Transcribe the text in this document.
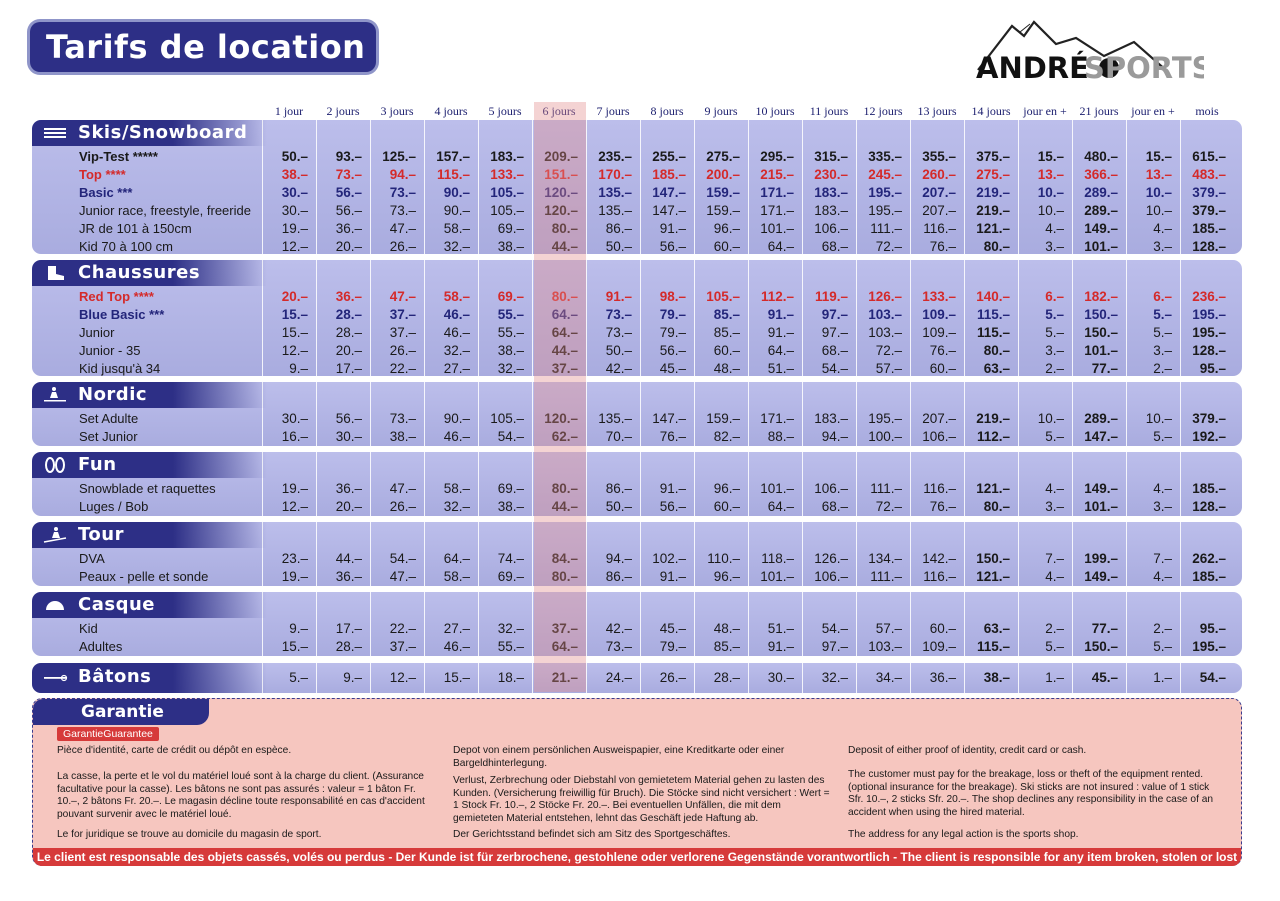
Tarifs de location
ANDRÉ
SPORTS
1 jour	2 jours	3 jours	4 jours	5 jours	6 jours	7 jours	8 jours	9 jours	10 jours	11 jours	12 jours	13 jours	14 jours	jour en +	21 jours	jour en +	mois
Skis/Snowboard
Vip-Test *****	50.–	93.–	125.–	157.–	183.–	209.–	235.–	255.–	275.–	295.–	315.–	335.–	355.–	375.–	15.–	480.–	15.–	615.–
Top ****	38.–	73.–	94.–	115.–	133.–	151.–	170.–	185.–	200.–	215.–	230.–	245.–	260.–	275.–	13.–	366.–	13.–	483.–
Basic ***	30.–	56.–	73.–	90.–	105.–	120.–	135.–	147.–	159.–	171.–	183.–	195.–	207.–	219.–	10.–	289.–	10.–	379.–
Junior race, freestyle, freeride	30.–	56.–	73.–	90.–	105.–	120.–	135.–	147.–	159.–	171.–	183.–	195.–	207.–	219.–	10.–	289.–	10.–	379.–
JR de 101 à 150cm	19.–	36.–	47.–	58.–	69.–	80.–	86.–	91.–	96.–	101.–	106.–	111.–	116.–	121.–	4.–	149.–	4.–	185.–
Kid 70 à 100 cm	12.–	20.–	26.–	32.–	38.–	44.–	50.–	56.–	60.–	64.–	68.–	72.–	76.–	80.–	3.–	101.–	3.–	128.–
Chaussures
Red Top ****	20.–	36.–	47.–	58.–	69.–	80.–	91.–	98.–	105.–	112.–	119.–	126.–	133.–	140.–	6.–	182.–	6.–	236.–
Blue Basic ***	15.–	28.–	37.–	46.–	55.–	64.–	73.–	79.–	85.–	91.–	97.–	103.–	109.–	115.–	5.–	150.–	5.–	195.–
Junior	15.–	28.–	37.–	46.–	55.–	64.–	73.–	79.–	85.–	91.–	97.–	103.–	109.–	115.–	5.–	150.–	5.–	195.–
Junior - 35	12.–	20.–	26.–	32.–	38.–	44.–	50.–	56.–	60.–	64.–	68.–	72.–	76.–	80.–	3.–	101.–	3.–	128.–
Kid jusqu'à 34	9.–	17.–	22.–	27.–	32.–	37.–	42.–	45.–	48.–	51.–	54.–	57.–	60.–	63.–	2.–	77.–	2.–	95.–
Nordic
Set Adulte	30.–	56.–	73.–	90.–	105.–	120.–	135.–	147.–	159.–	171.–	183.–	195.–	207.–	219.–	10.–	289.–	10.–	379.–
Set Junior	16.–	30.–	38.–	46.–	54.–	62.–	70.–	76.–	82.–	88.–	94.–	100.–	106.–	112.–	5.–	147.–	5.–	192.–
Fun
Snowblade et raquettes	19.–	36.–	47.–	58.–	69.–	80.–	86.–	91.–	96.–	101.–	106.–	111.–	116.–	121.–	4.–	149.–	4.–	185.–
Luges / Bob	12.–	20.–	26.–	32.–	38.–	44.–	50.–	56.–	60.–	64.–	68.–	72.–	76.–	80.–	3.–	101.–	3.–	128.–
Tour
DVA	23.–	44.–	54.–	64.–	74.–	84.–	94.–	102.–	110.–	118.–	126.–	134.–	142.–	150.–	7.–	199.–	7.–	262.–
Peaux - pelle et sonde	19.–	36.–	47.–	58.–	69.–	80.–	86.–	91.–	96.–	101.–	106.–	111.–	116.–	121.–	4.–	149.–	4.–	185.–
Casque
Kid	9.–	17.–	22.–	27.–	32.–	37.–	42.–	45.–	48.–	51.–	54.–	57.–	60.–	63.–	2.–	77.–	2.–	95.–
Adultes	15.–	28.–	37.–	46.–	55.–	64.–	73.–	79.–	85.–	91.–	97.–	103.–	109.–	115.–	5.–	150.–	5.–	195.–
Bâtons	5.–	9.–	12.–	15.–	18.–	21.–	24.–	26.–	28.–	30.–	32.–	34.–	36.–	38.–	1.–	45.–	1.–	54.–
Garantie
GarantieGuarantee
Pièce d'identité, carte de crédit ou dépôt en espèce.
La casse, la perte et le vol du matériel loué sont à la charge du client. (Assurance facultative pour la casse). Les bâtons ne sont pas assurés : valeur = 1 bâton Fr. 10.–, 2 bâtons Fr. 20.–. Le magasin décline toute responsabilité en cas d'accident pouvant survenir avec le matériel loué.
Le for juridique se trouve au domicile du magasin de sport.
Depot von einem persönlichen Ausweispapier, eine Kreditkarte oder einer Bargeldhinterlegung.
Verlust, Zerbrechung oder Diebstahl von gemietetem Material gehen zu lasten des Kunden. (Versicherung freiwillig für Bruch). Die Stöcke sind nicht versichert : Wert = 1 Stock Fr. 10.–, 2 Stöcke Fr. 20.–. Bei eventuellen Unfällen, die mit dem gemieteten Material entstehen, lehnt das Geschäft jede Haftung ab.
Der Gerichtsstand befindet sich am Sitz des Sportgeschäftes.
Deposit of either proof of identity, credit card or cash.
The customer must pay for the breakage, loss or theft of the equipment rented. (optional insurance for the breakage). Ski sticks are not insured : value of 1 stick Sfr. 10.–, 2 sticks Sfr. 20.–. The shop declines any responsibility in the case of an accident when using the hired material.
The address for any legal action is the sports shop.
Le client est responsable des objets cassés, volés ou perdus - Der Kunde ist für zerbrochene, gestohlene oder verlorene Gegenstände vorantwortlich - The client is responsible for any item broken, stolen or lost
